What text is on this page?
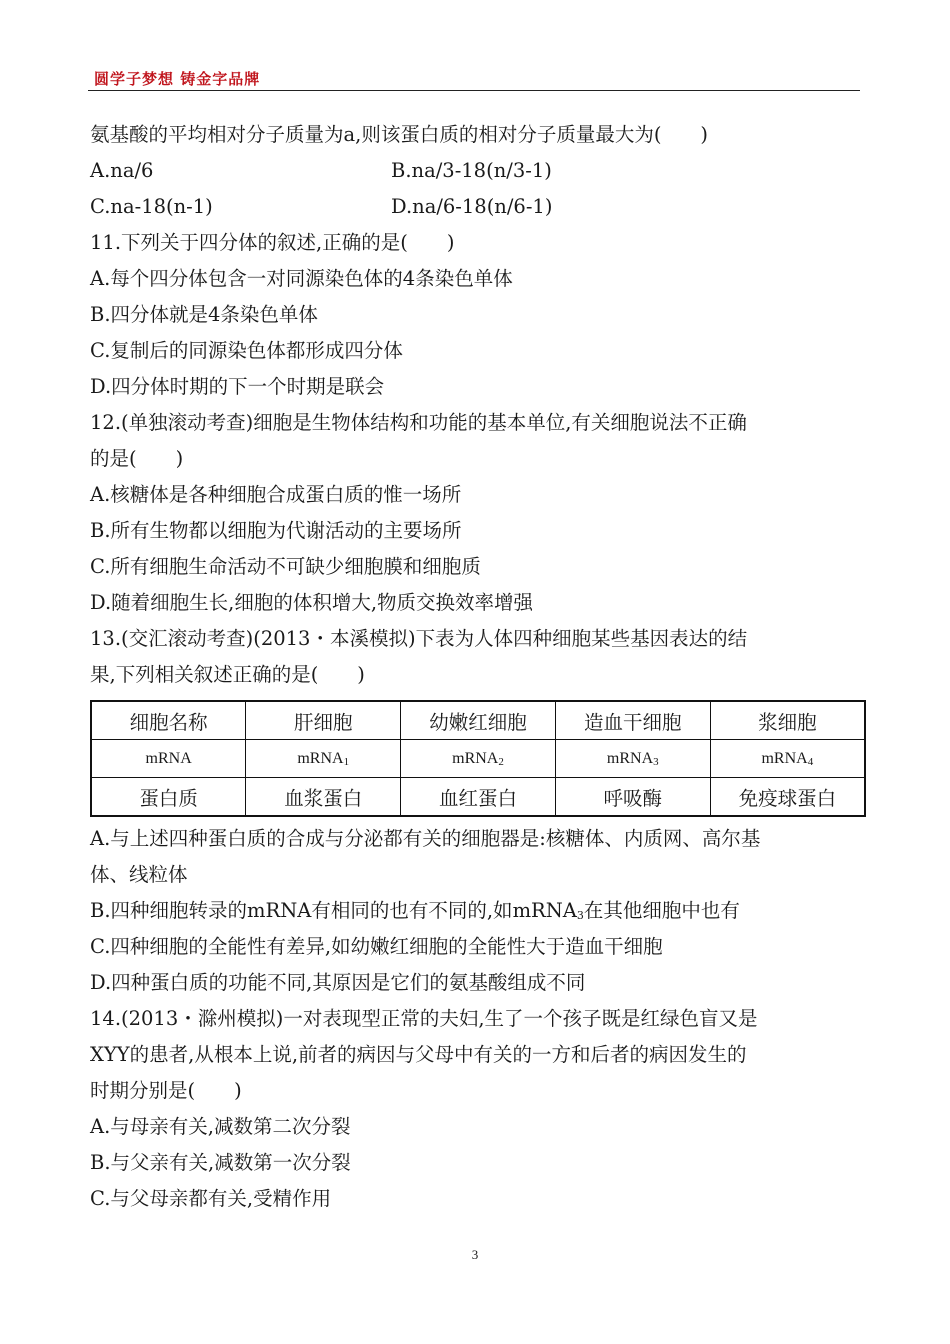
圆学子梦想 铸金字品牌
氨基酸的平均相对分子质量为a,则该蛋白质的相对分子质量最大为(　　)
A.na/6	B.na/3-18(n/3-1)
C.na-18(n-1)	D.na/6-18(n/6-1)
11.下列关于四分体的叙述,正确的是(　　)
A.每个四分体包含一对同源染色体的4条染色单体
B.四分体就是4条染色单体
C.复制后的同源染色体都形成四分体
D.四分体时期的下一个时期是联会
12.(单独滚动考查)细胞是生物体结构和功能的基本单位,有关细胞说法不正确
的是(　　)
A.核糖体是各种细胞合成蛋白质的惟一场所
B.所有生物都以细胞为代谢活动的主要场所
C.所有细胞生命活动不可缺少细胞膜和细胞质
D.随着细胞生长,细胞的体积增大,物质交换效率增强
13.(交汇滚动考查)(2013・本溪模拟)下表为人体四种细胞某些基因表达的结
果,下列相关叙述正确的是(　　)
细胞名称	肝细胞	幼嫩红细胞	造血干细胞	浆细胞
mRNA	mRNA$_1$	mRNA$_2$	mRNA$_3$	mRNA$_4$
蛋白质	血浆蛋白	血红蛋白	呼吸酶	免疫球蛋白
A.与上述四种蛋白质的合成与分泌都有关的细胞器是:核糖体、内质网、高尔基
体、线粒体
B.四种细胞转录的mRNA有相同的也有不同的,如mRNA$_3$在其他细胞中也有
C.四种细胞的全能性有差异,如幼嫩红细胞的全能性大于造血干细胞
D.四种蛋白质的功能不同,其原因是它们的氨基酸组成不同
14.(2013・滁州模拟)一对表现型正常的夫妇,生了一个孩子既是红绿色盲又是
XYY的患者,从根本上说,前者的病因与父母中有关的一方和后者的病因发生的
时期分别是(　　)
A.与母亲有关,减数第二次分裂
B.与父亲有关,减数第一次分裂
C.与父母亲都有关,受精作用
3
